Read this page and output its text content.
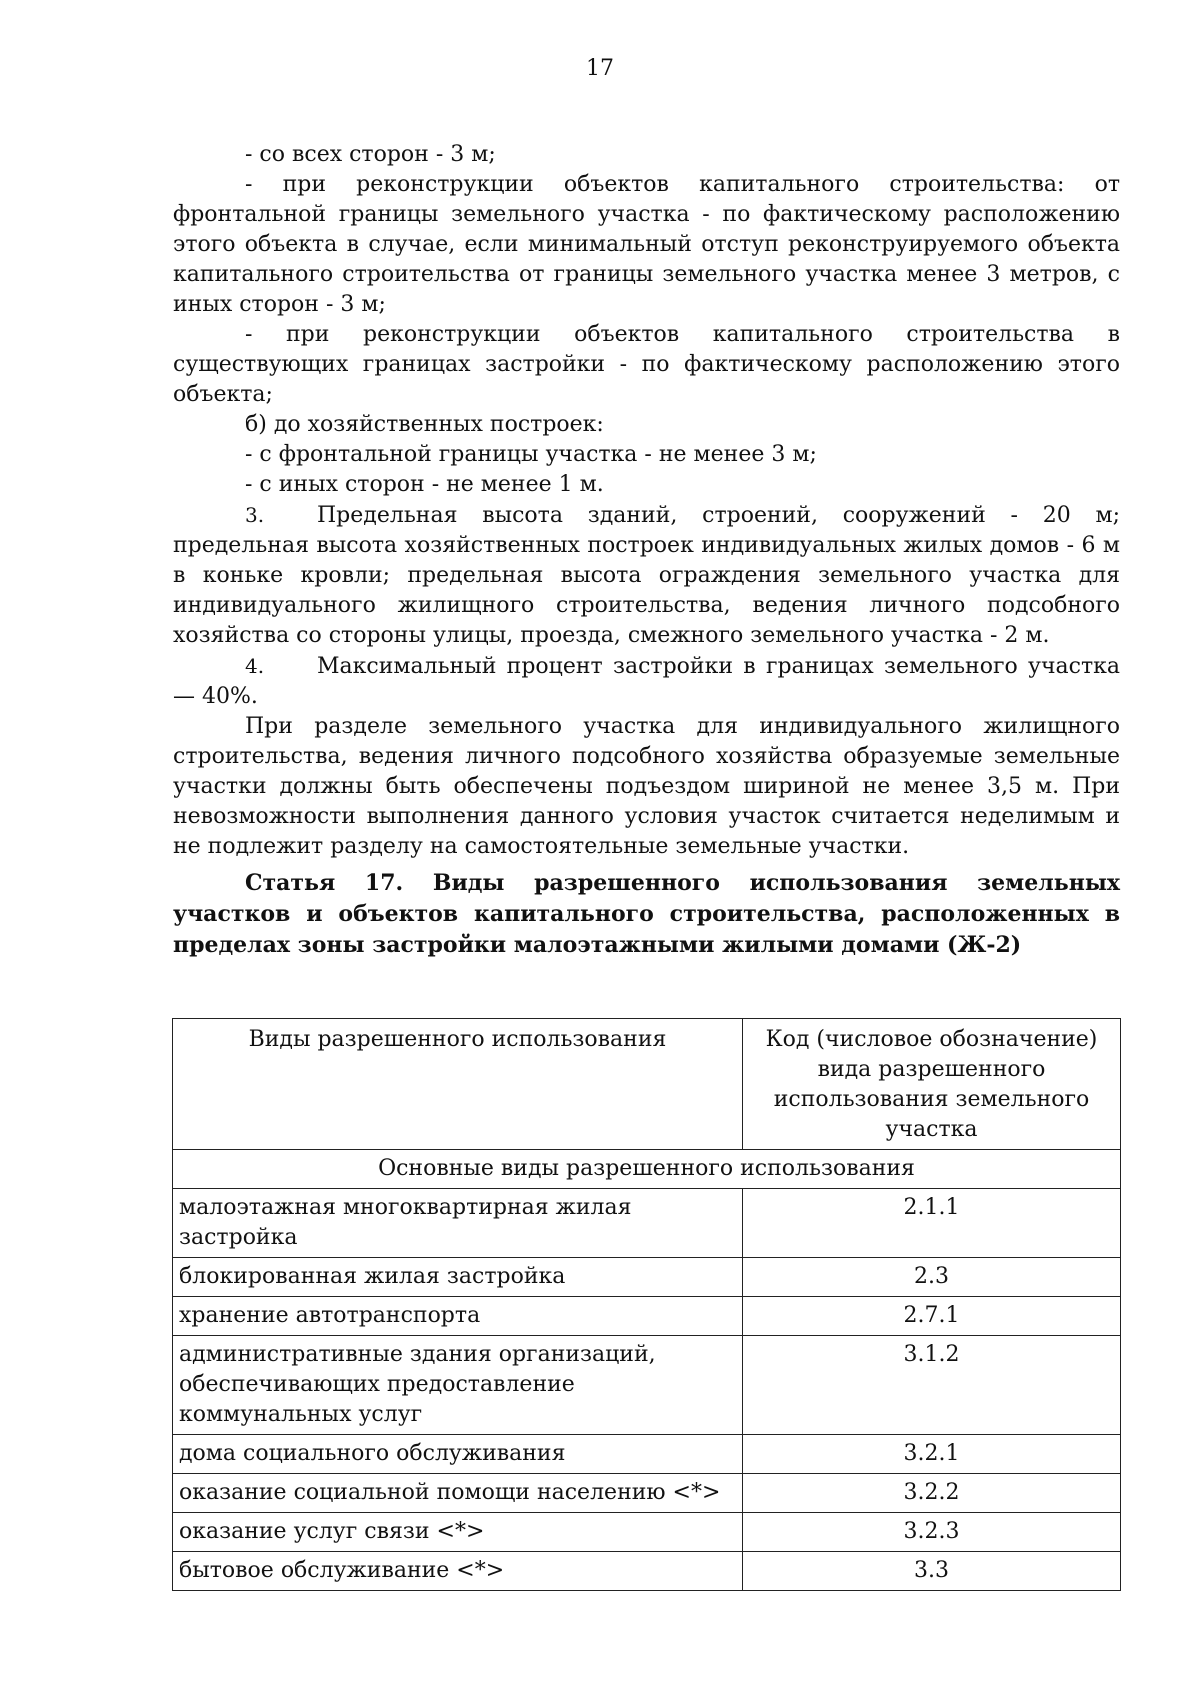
17

- со всех сторон - 3 м;

- при реконструкции объектов капитального строительства: от фронтальной границы земельного участка - по фактическому расположению этого объекта в случае, если минимальный отступ реконструируемого объекта капитального строительства от границы земельного участка менее 3 метров, с иных сторон - 3 м;

- при реконструкции объектов капитального строительства в существующих границах застройки - по фактическому расположению этого объекта;

б) до хозяйственных построек:

- с фронтальной границы участка - не менее 3 м;

- с иных сторон - не менее 1 м.

3. Предельная высота зданий, строений, сооружений - 20 м; предельная высота хозяйственных построек индивидуальных жилых домов - 6 м в коньке кровли; предельная высота ограждения земельного участка для индивидуального жилищного строительства, ведения личного подсобного хозяйства со стороны улицы, проезда, смежного земельного участка - 2 м.

4. Максимальный процент застройки в границах земельного участка — 40%.

При разделе земельного участка для индивидуального жилищного строительства, ведения личного подсобного хозяйства образуемые земельные участки должны быть обеспечены подъездом шириной не менее 3,5 м. При невозможности выполнения данного условия участок считается неделимым и не подлежит разделу на самостоятельные земельные участки.

Статья 17. Виды разрешенного использования земельных участков и объектов капитального строительства, расположенных в пределах зоны застройки малоэтажными жилыми домами (Ж-2)
Виды разрешенного использования	Код (числовое обозначение) вида разрешенного использования земельного участка
Основные виды разрешенного использования	
малоэтажная многоквартирная жилая застройка	2.1.1
блокированная жилая застройка	2.3
хранение автотранспорта	2.7.1
административные здания организаций, обеспечивающих предоставление коммунальных услуг	3.1.2
дома социального обслуживания	3.2.1
оказание социальной помощи населению <*>	3.2.2
оказание услуг связи <*>	3.2.3
бытовое обслуживание <*>	3.3
